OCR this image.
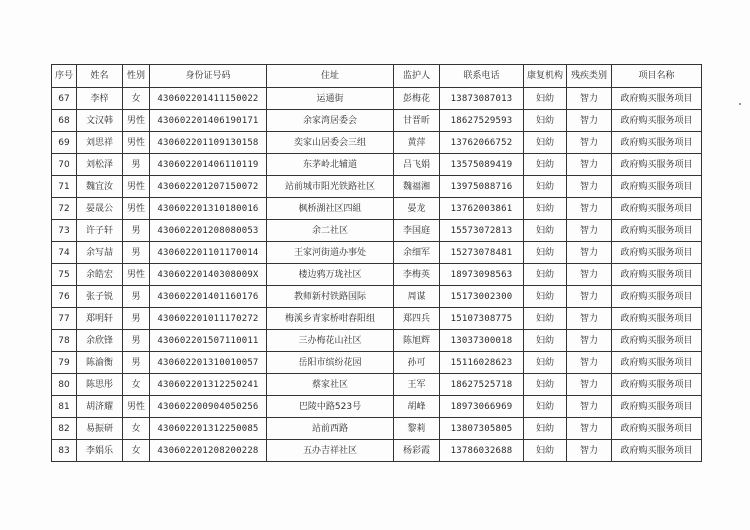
序号	姓名	性别	身份证号码	住址	监护人	联系电话	康复机构	残疾类别	项目名称
67	李梓	女	430602201411150022	运通街	彭梅花	13873087013	妇幼	智力	政府购买服务项目
68	文汉韩	男性	430602201406190171	余家湾居委会	甘晋昕	18627529593	妇幼	智力	政府购买服务项目
69	刘思祥	男性	430602201109130158	奕家山居委会三组	黄萍	13762066752	妇幼	智力	政府购买服务项目
70	刘松泽	男	430602201406110119	东茅岭北辅道	吕飞娟	13575089419	妇幼	智力	政府购买服务项目
71	魏宜汝	男性	430602201207150072	站前城市阳光铁路社区	魏福湘	13975088716	妇幼	智力	政府购买服务项目
72	晏晟公	男性	430602201310180016	枫桥湖社区四組	晏龙	13762003861	妇幼	智力	政府购买服务项目
73	许子轩	男	430602201208080053	余二社区	李国庭	15573072813	妇幼	智力	政府购买服务项目
74	余写喆	男	430602201101170014	王家河街道办事处	余细军	15273078481	妇幼	智力	政府购买服务项目
75	余皓宏	男性	43060220140308009X	楼边鸦万珑社区	李梅英	18973098563	妇幼	智力	政府购买服务项目
76	张子锐	男	430602201401160176	教师新村铁路国际	周谋	15173002300	妇幼	智力	政府购买服务项目
77	郑明轩	男	430602201011170272	梅溪乡青家桥咁春阳组	郑四兵	15107308775	妇幼	智力	政府购买服务项目
78	余欣锋	男	430602201507110011	三办梅花山社区	陈旭辉	13037300018	妇幼	智力	政府购买服务项目
79	陈渝衡	男	430602201310010057	岳阳市缤纷花园	孙可	15116028623	妇幼	智力	政府购买服务项目
80	陈思彤	女	430602201312250241	蔡家社区	王军	18627525718	妇幼	智力	政府购买服务项目
81	胡济耀	男性	430602200904050256	巴陵中路523号	胡峰	18973066969	妇幼	智力	政府购买服务项目
82	易振研	女	430602201312250085	站前西路	黎莉	13807305805	妇幼	智力	政府购买服务项目
83	李娟乐	女	430602201208200228	五办吉祥社区	杨彩霞	13786032688	妇幼	智力	政府购买服务项目
